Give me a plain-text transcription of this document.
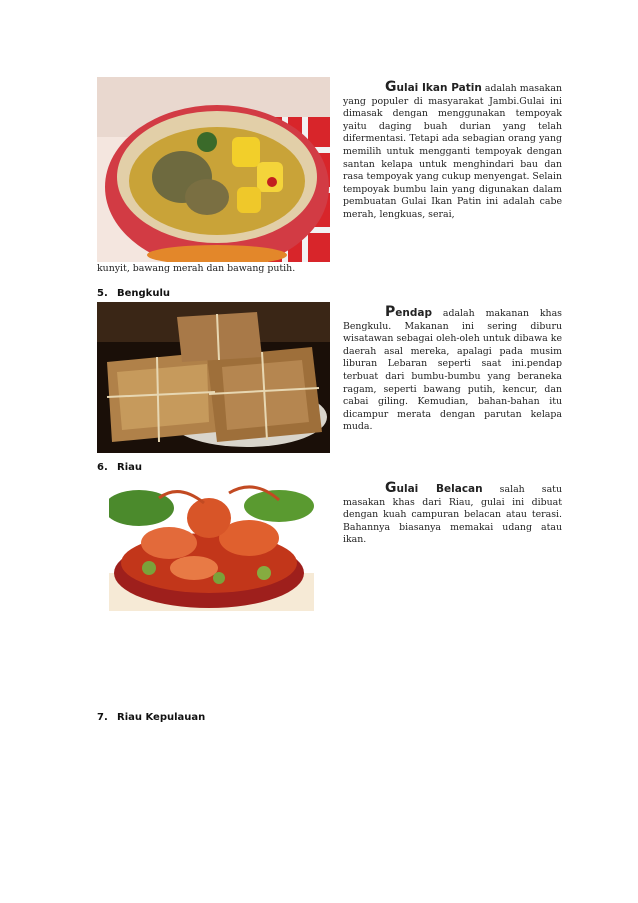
Gulai Ikan Patin adalah masakan yang populer di masyarakat Jambi.Gulai ini dimasak dengan menggunakan tempoyak yaitu daging buah durian yang telah difermentasi. Tetapi ada sebagian orang yang memilih untuk mengganti tempoyak dengan santan kelapa untuk menghindari bau dan rasa tempoyak yang cukup menyengat. Selain tempoyak bumbu lain yang digunakan dalam pembuatan Gulai Ikan Patin ini adalah cabe merah, lengkuas, serai,
kunyit, bawang merah dan bawang putih.
5. Bengkulu
Pendap adalah makanan khas Bengkulu. Makanan ini sering diburu wisatawan sebagai oleh-oleh untuk dibawa ke daerah asal mereka, apalagi pada musim liburan Lebaran seperti saat ini.pendap terbuat dari bumbu-bumbu yang beraneka ragam, seperti bawang putih, kencur, dan cabai giling. Kemudian, bahan-bahan itu dicampur merata dengan parutan kelapa muda.
6. Riau
Gulai Belacan salah satu masakan khas dari Riau, gulai ini dibuat dengan kuah campuran belacan atau terasi. Bahannya biasanya memakai udang atau ikan.
7. Riau Kepulauan
